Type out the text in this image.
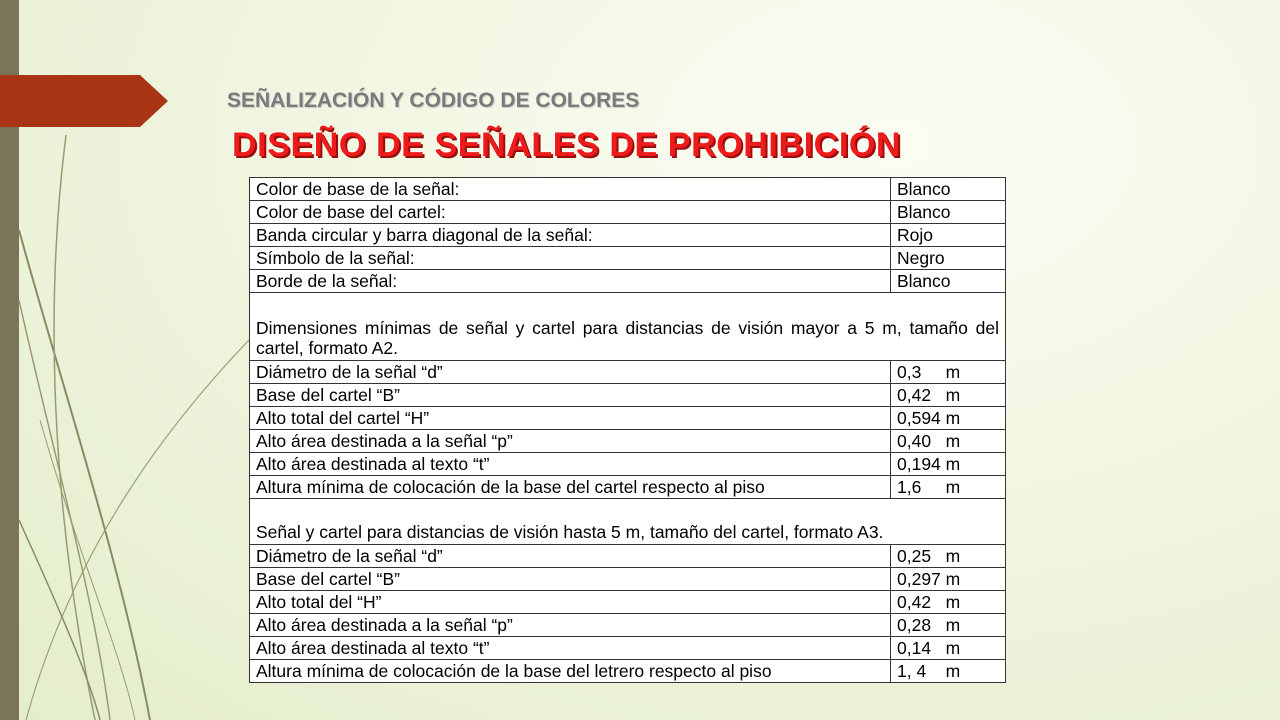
SEÑALIZACIÓN Y CÓDIGO DE COLORES
DISEÑO DE SEÑALES DE PROHIBICIÓN
Color de base de la señal:	Blanco
Color de base del cartel:	Blanco
Banda circular y barra diagonal de la señal:	Rojo
Símbolo de la señal:	Negro
Borde de la señal:	Blanco
Dimensiones mínimas de señal y cartel para distancias de visión mayor a 5 m, tamaño del cartel, formato A2.	
Diámetro de la señal “d”	0,3     m
Base del cartel “B”	0,42   m
Alto total del cartel “H”	0,594 m
Alto área destinada a la señal “p”	0,40   m
Alto área destinada al texto “t”	0,194 m
Altura mínima de colocación de la base del cartel respecto al piso	1,6     m
Señal y cartel para distancias de visión hasta 5 m, tamaño del cartel, formato A3.	
Diámetro de la señal “d”	0,25   m
Base del cartel “B”	0,297 m
Alto total del “H”	0,42   m
Alto área destinada a la señal “p”	0,28   m
Alto área destinada al texto “t”	0,14   m
Altura mínima de colocación de la base del letrero respecto al piso	1, 4    m
